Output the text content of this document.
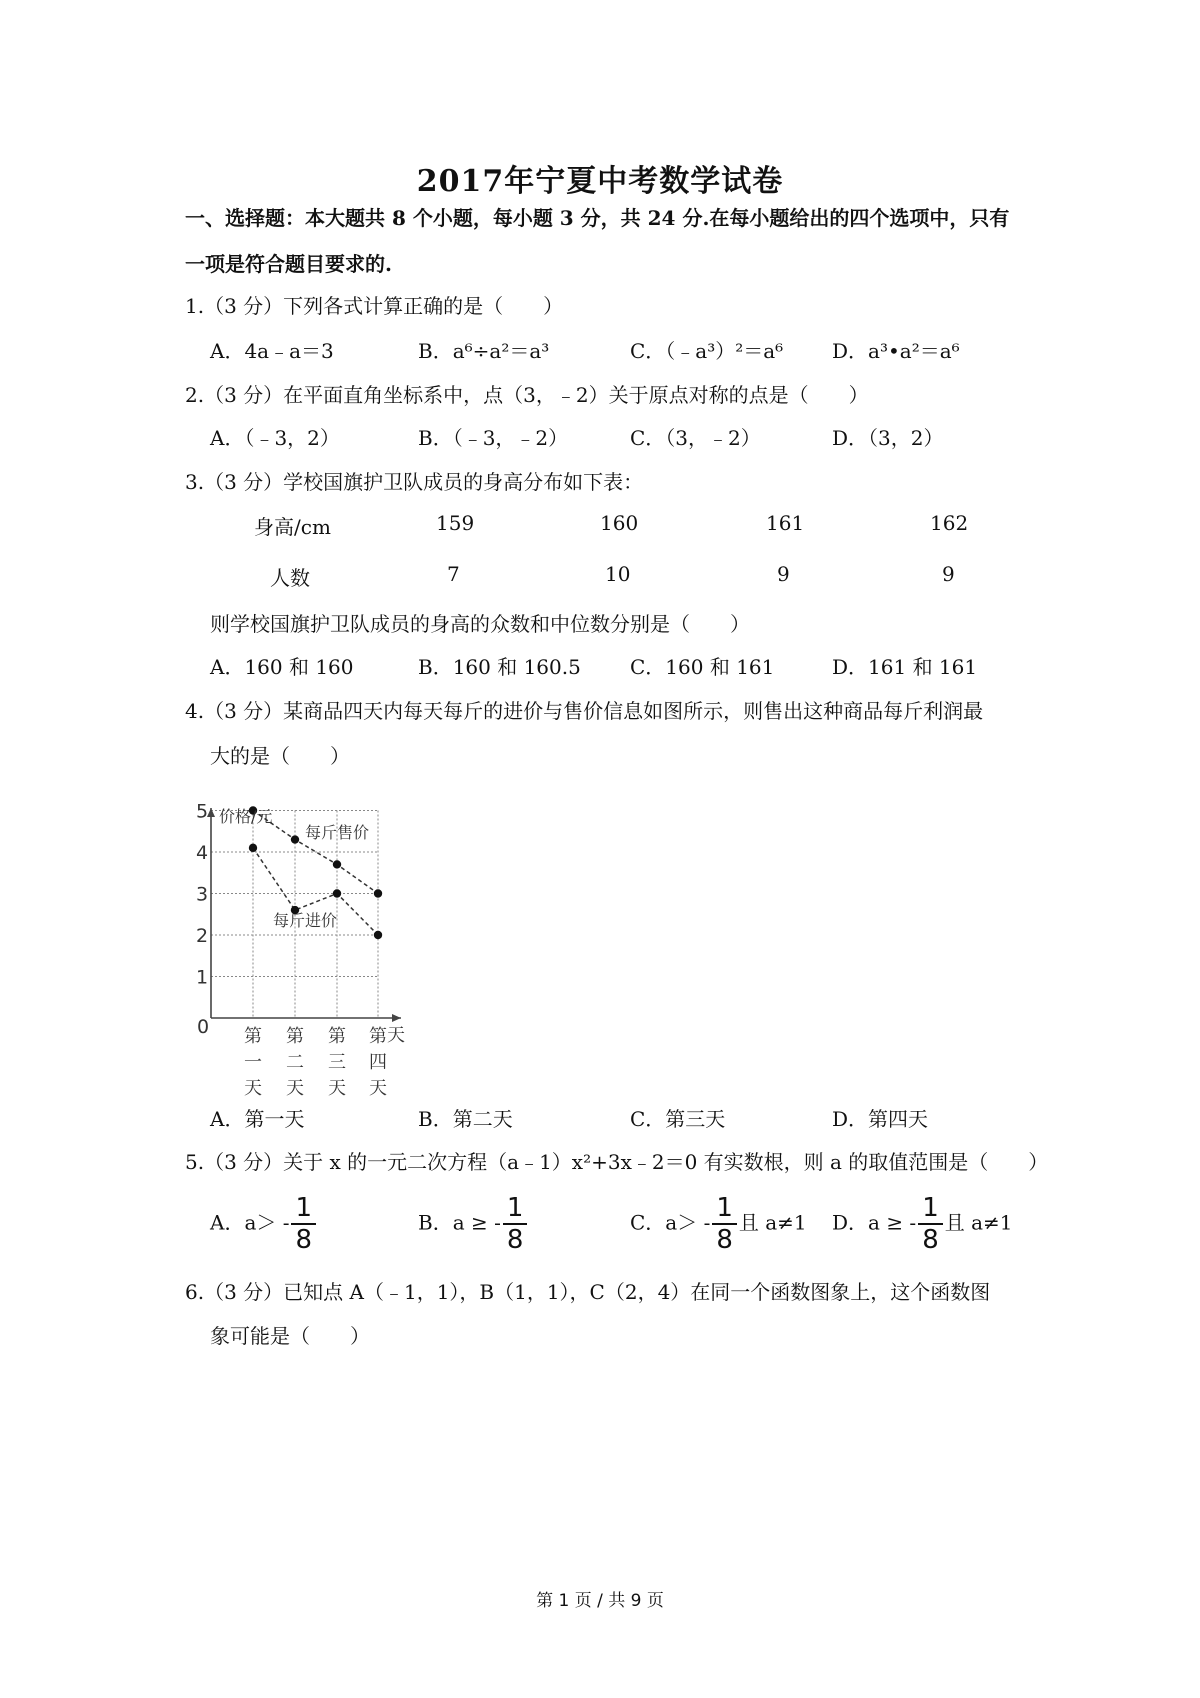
2017年宁夏中考数学试卷
一、选择题：本大题共 8 个小题，每小题 3 分，共 24 分.在每小题给出的四个选项中，只有
一项是符合题目要求的.
1.（3 分）下列各式计算正确的是（　　）
A．4a﹣a＝3	B．a⁶÷a²＝a³	C．（﹣a³）²＝a⁶ D．a³•a²＝a⁶
2.（3 分）在平面直角坐标系中，点（3，﹣2）关于原点对称的点是（　　）
A．（﹣3，2）	B．（﹣3，﹣2）	C．（3，﹣2）	D．（3，2）
3.（3 分）学校国旗护卫队成员的身高分布如下表：
身高/cm	159	160	161	162
人数	7	10	9	9
则学校国旗护卫队成员的身高的众数和中位数分别是（　　）
A．160 和 160	B．160 和 160.5 C．160 和 161	D．161 和 161
4.（3 分）某商品四天内每天每斤的进价与售价信息如图所示，则售出这种商品每斤利润最
大的是（　　）
0
1
2
3
4
5 价格/元
天
第
一
天
第
二
天
第
三
天
第
四
天
每斤售价
每斤进价
A．第一天	B．第二天	C．第三天	D．第四天
5.（3 分）关于 x 的一元二次方程（a﹣1）x²+3x﹣2＝0 有实数根，则 a 的取值范围是（　　）
A．$a> - \frac{1}{8}$	B．a ≥ - $\frac{1}{8}$	C．$a> - \frac{1}{8}$ 且 a≠1 D．a ≥ - $\frac{1}{8}$ 且 a≠1
6.（3 分）已知点 A（﹣1，1），B（1，1），C（2，4）在同一个函数图象上，这个函数图
象可能是（　　）
第 1 页 / 共 9 页
